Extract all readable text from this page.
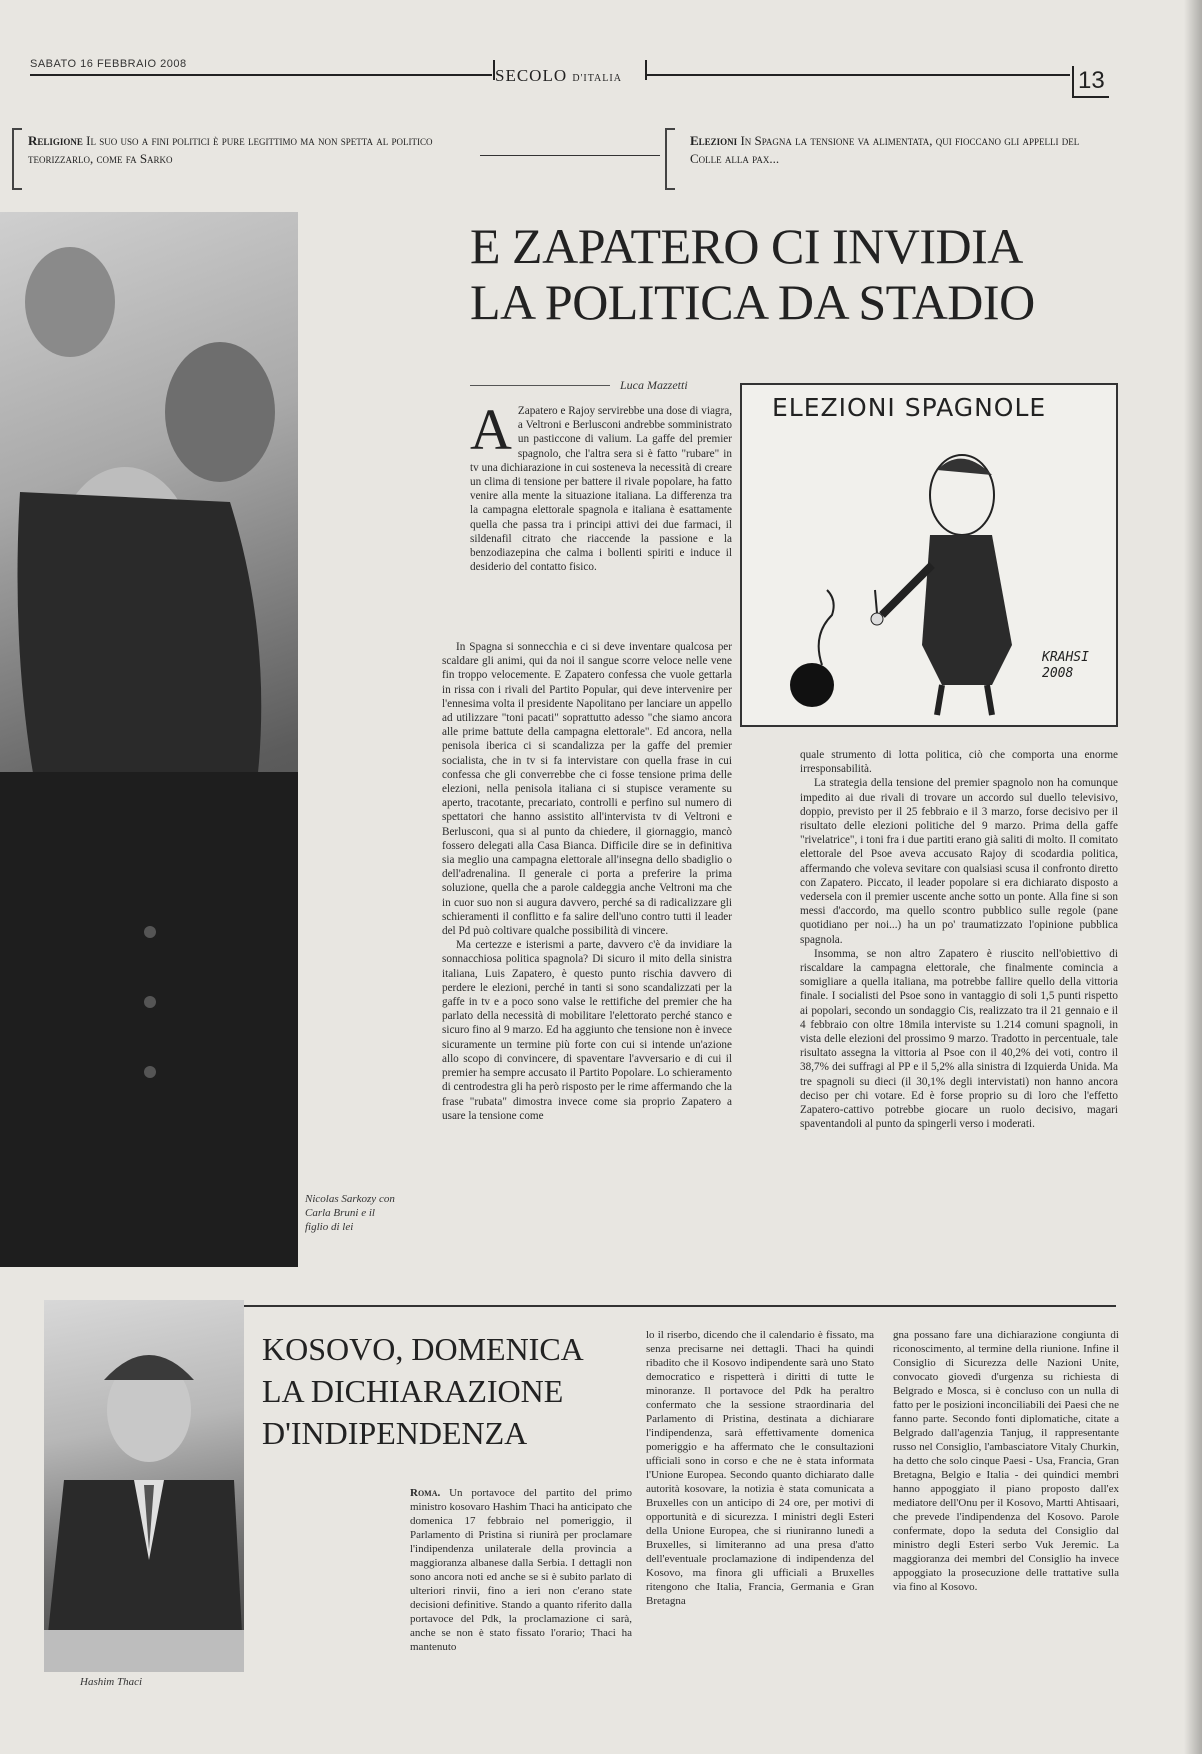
SABATO 16 FEBBRAIO 2008
SECOLO D'ITALIA	13
Religione Il suo uso a fini politici è pure legittimo ma non spetta al politico teorizzarlo, come fa Sarko
Elezioni In Spagna la tensione va alimentata, qui fioccano gli appelli del Colle alla pax...
Nicolas Sarkozy con Carla Bruni e il figlio di lei
E ZAPATERO CI INVIDIA
LA POLITICA DA STADIO
Luca Mazzetti
A Zapatero e Rajoy servirebbe una dose di viagra, a Veltroni e Berlusconi andrebbe somministrato un pasticcone di valium. La gaffe del premier spagnolo, che l'altra sera si è fatto "rubare" in tv una dichiarazione in cui sosteneva la necessità di creare un clima di tensione per battere il rivale popolare, ha fatto venire alla mente la situazione italiana. La differenza tra la campagna elettorale spagnola e italiana è esattamente quella che passa tra i principi attivi dei due farmaci, il sildenafil citrato che riaccende la passione e la benzodiazepina che calma i bollenti spiriti e induce il desiderio del contatto fisico.
In Spagna si sonnecchia e ci si deve inventare qualcosa per scaldare gli animi, qui da noi il sangue scorre veloce nelle vene fin troppo velocemente. E Zapatero confessa che vuole gettarla in rissa con i rivali del Partito Popular, qui deve intervenire per l'ennesima volta il presidente Napolitano per lanciare un appello ad utilizzare "toni pacati" soprattutto adesso "che siamo ancora alle prime battute della campagna elettorale". Ed ancora, nella penisola iberica ci si scandalizza per la gaffe del premier socialista, che in tv si fa intervistare con quella frase in cui confessa che gli converrebbe che ci fosse tensione prima delle elezioni, nella penisola italiana ci si stupisce veramente su aperto, tracotante, precariato, controlli e perfino sul numero di spettatori che hanno assistito all'intervista tv di Veltroni e Berlusconi, qua si al punto da chiedere, il giornaggio, mancò fossero delegati alla Casa Bianca. Difficile dire se in definitiva sia meglio una campagna elettorale all'insegna dello sbadiglio o dell'adrenalina. Il generale ci porta a preferire la prima soluzione, quella che a parole caldeggia anche Veltroni ma che in cuor suo non si augura davvero, perché sa di radicalizzare gli schieramenti il conflitto e fa salire dell'uno contro tutti il leader del Pd può coltivare qualche possibilità di vincere.
Ma certezze e isterismi a parte, davvero c'è da invidiare la sonnacchiosa politica spagnola? Di sicuro il mito della sinistra italiana, Luis Zapatero, è questo punto rischia davvero di perdere le elezioni, perché in tanti si sono scandalizzati per la gaffe in tv e a poco sono valse le rettifiche del premier che ha parlato della necessità di mobilitare l'elettorato perché stanco e sicuro fino al 9 marzo. Ed ha aggiunto che tensione non è invece sicuramente un termine più forte con cui si intende un'azione allo scopo di convincere, di spaventare l'avversario e di cui il premier ha sempre accusato il Partito Popolare. Lo schieramento di centrodestra gli ha però risposto per le rime affermando che la frase "rubata" dimostra invece come sia proprio Zapatero a usare la tensione come
quale strumento di lotta politica, ciò che comporta una enorme irresponsabilità.
La strategia della tensione del premier spagnolo non ha comunque impedito ai due rivali di trovare un accordo sul duello televisivo, doppio, previsto per il 25 febbraio e il 3 marzo, forse decisivo per il risultato delle elezioni politiche del 9 marzo. Prima della gaffe "rivelatrice", i toni fra i due partiti erano già saliti di molto. Il comitato elettorale del Psoe aveva accusato Rajoy di scodardia politica, affermando che voleva sevitare con qualsiasi scusa il confronto diretto con Zapatero. Piccato, il leader popolare si era dichiarato disposto a vedersela con il premier uscente anche sotto un ponte. Alla fine si son messi d'accordo, ma quello scontro pubblico sulle regole (pane quotidiano per noi...) ha un po' traumatizzato l'opinione pubblica spagnola.
Insomma, se non altro Zapatero è riuscito nell'obiettivo di riscaldare la campagna elettorale, che finalmente comincia a somigliare a quella italiana, ma potrebbe fallire quello della vittoria finale. I socialisti del Psoe sono in vantaggio di soli 1,5 punti rispetto ai popolari, secondo un sondaggio Cis, realizzato tra il 21 gennaio e il 4 febbraio con oltre 18mila interviste su 1.214 comuni spagnoli, in vista delle elezioni del prossimo 9 marzo. Tradotto in percentuale, tale risultato assegna la vittoria al Psoe con il 40,2% dei voti, contro il 38,7% dei suffragi al PP e il 5,2% alla sinistra di Izquierda Unida. Ma tre spagnoli su dieci (il 30,1% degli intervistati) non hanno ancora deciso per chi votare. Ed è forse proprio su di loro che l'effetto Zapatero-cattivo potrebbe giocare un ruolo decisivo, magari spaventandoli al punto da spingerli verso i moderati.
ELEZIONI SPAGNOLE
KRAHSI
2008
Hashim Thaci
KOSOVO, DOMENICA
LA DICHIARAZIONE
D'INDIPENDENZA
Roma. Un portavoce del partito del primo ministro kosovaro Hashim Thaci ha anticipato che domenica 17 febbraio nel pomeriggio, il Parlamento di Pristina si riunirà per proclamare l'indipendenza unilaterale della provincia a maggioranza albanese dalla Serbia. I dettagli non sono ancora noti ed anche se si è subito parlato di ulteriori rinvii, fino a ieri non c'erano state decisioni definitive. Stando a quanto riferito dalla portavoce del Pdk, la proclamazione ci sarà, anche se non è stato fissato l'orario; Thaci ha mantenuto
lo il riserbo, dicendo che il calendario è fissato, ma senza precisarne nei dettagli. Thaci ha quindi ribadito che il Kosovo indipendente sarà uno Stato democratico e rispetterà i diritti di tutte le minoranze. Il portavoce del Pdk ha peraltro confermato che la sessione straordinaria del Parlamento di Pristina, destinata a dichiarare l'indipendenza, sarà effettivamente domenica pomeriggio e ha affermato che le consultazioni ufficiali sono in corso e che ne è stata informata l'Unione Europea. Secondo quanto dichiarato dalle autorità kosovare, la notizia è stata comunicata a Bruxelles con un anticipo di 24 ore, per motivi di opportunità e di sicurezza. I ministri degli Esteri della Unione Europea, che si riuniranno lunedì a Bruxelles, si limiteranno ad una presa d'atto dell'eventuale proclamazione di indipendenza del Kosovo, ma finora gli ufficiali a Bruxelles ritengono che Italia, Francia, Germania e Gran Bretagna
gna possano fare una dichiarazione congiunta di riconoscimento, al termine della riunione. Infine il Consiglio di Sicurezza delle Nazioni Unite, convocato giovedì d'urgenza su richiesta di Belgrado e Mosca, si è concluso con un nulla di fatto per le posizioni inconciliabili dei Paesi che ne fanno parte. Secondo fonti diplomatiche, citate a Belgrado dall'agenzia Tanjug, il rappresentante russo nel Consiglio, l'ambasciatore Vitaly Churkin, ha detto che solo cinque Paesi - Usa, Francia, Gran Bretagna, Belgio e Italia - dei quindici membri hanno appoggiato il piano proposto dall'ex mediatore dell'Onu per il Kosovo, Martti Ahtisaari, che prevede l'indipendenza del Kosovo. Parole confermate, dopo la seduta del Consiglio dal ministro degli Esteri serbo Vuk Jeremic. La maggioranza dei membri del Consiglio ha invece appoggiato la prosecuzione delle trattative sulla via fino al Kosovo.
